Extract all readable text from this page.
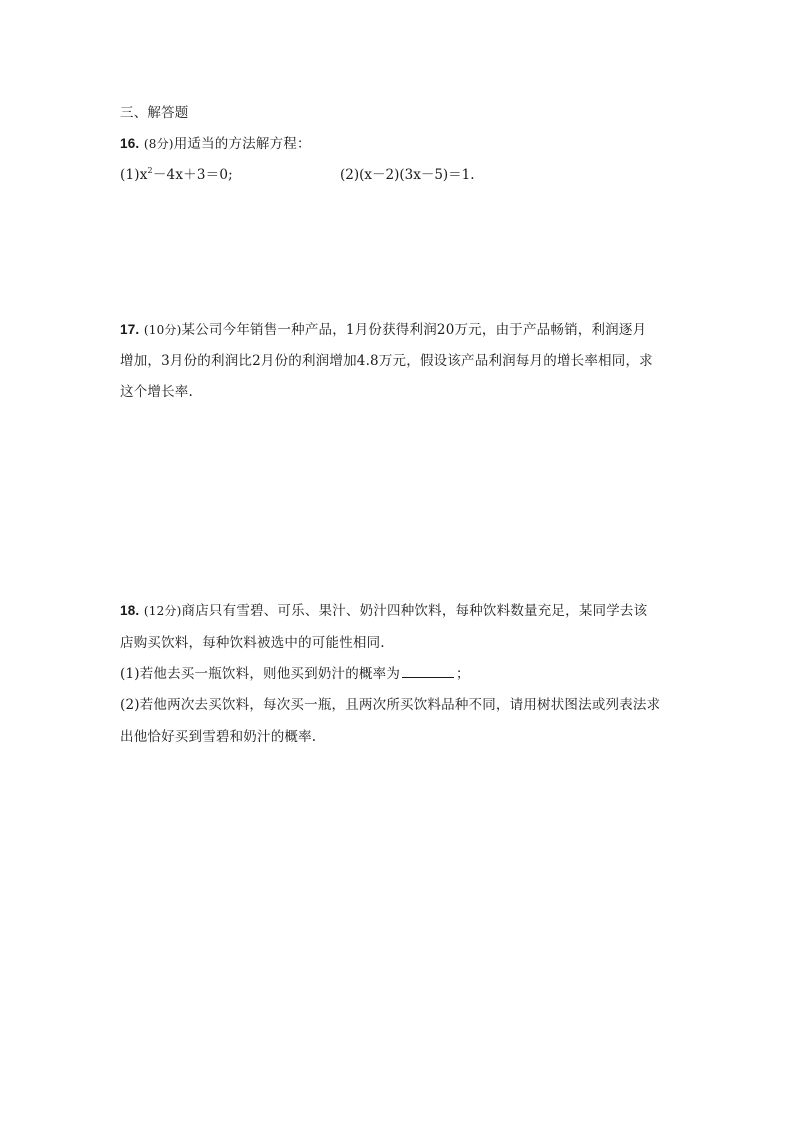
三、解答题
16. (8分)用适当的方法解方程：
$(1)x^2-4x+3=0$;	(2)(x－2)(3x－5)＝1.
17. (10分)某公司今年销售一种产品，1月份获得利润20万元，由于产品畅销，利润逐月
增加，3月份的利润比2月份的利润增加4.8万元，假设该产品利润每月的增长率相同，求
这个增长率.
18. (12分)商店只有雪碧、可乐、果汁、奶汁四种饮料，每种饮料数量充足，某同学去该
店购买饮料，每种饮料被选中的可能性相同.
(1)若他去买一瓶饮料，则他买到奶汁的概率为	；
(2)若他两次去买饮料，每次买一瓶，且两次所买饮料品种不同，请用树状图法或列表法求
出他恰好买到雪碧和奶汁的概率.
